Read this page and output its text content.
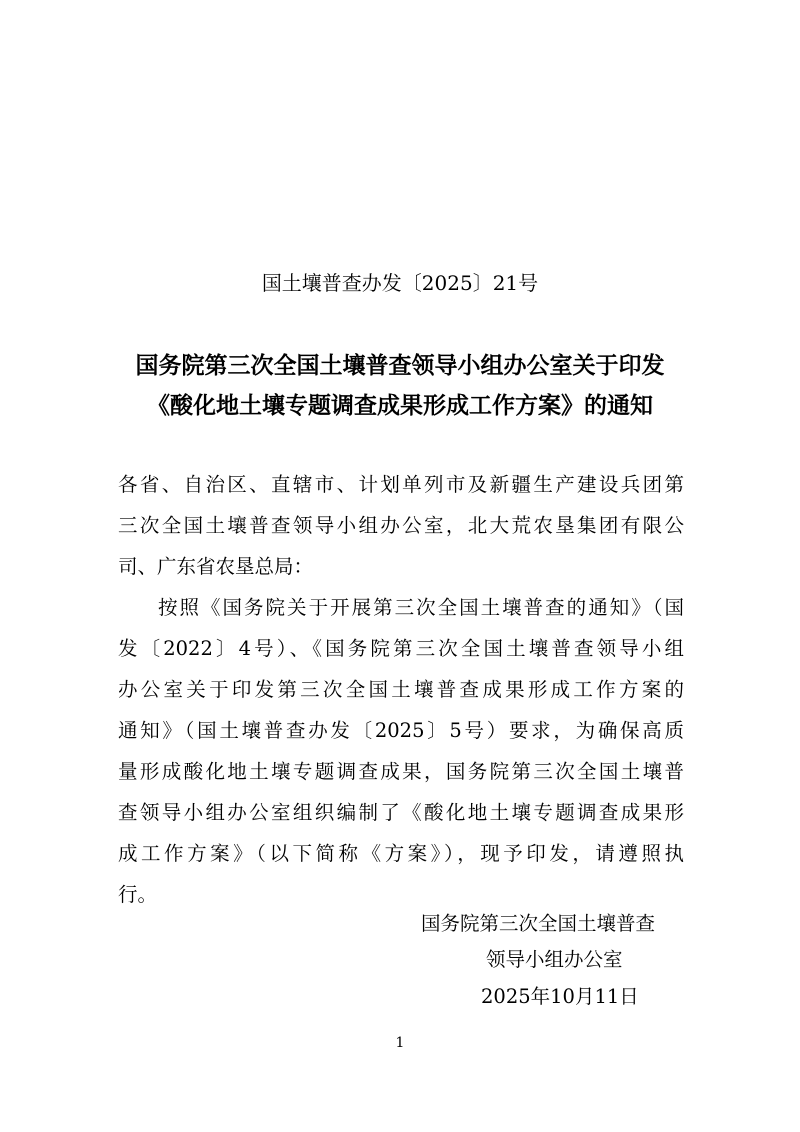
国土壤普查办发〔2025〕21号
国务院第三次全国土壤普查领导小组办公室关于印发
《酸化地土壤专题调查成果形成工作方案》的通知
各省、自治区、直辖市、计划单列市及新疆生产建设兵团第
三次全国土壤普查领导小组办公室，北大荒农垦集团有限公
司、广东省农垦总局：
按照《国务院关于开展第三次全国土壤普查的通知》（国
发〔2022〕4号）、《国务院第三次全国土壤普查领导小组
办公室关于印发第三次全国土壤普查成果形成工作方案的
通知》（国土壤普查办发〔2025〕5号）要求，为确保高质
量形成酸化地土壤专题调查成果，国务院第三次全国土壤普
查领导小组办公室组织编制了《酸化地土壤专题调查成果形
成工作方案》（以下简称《方案》），现予印发，请遵照执
行。
国务院第三次全国土壤普查
领导小组办公室
2025年10月11日
1
